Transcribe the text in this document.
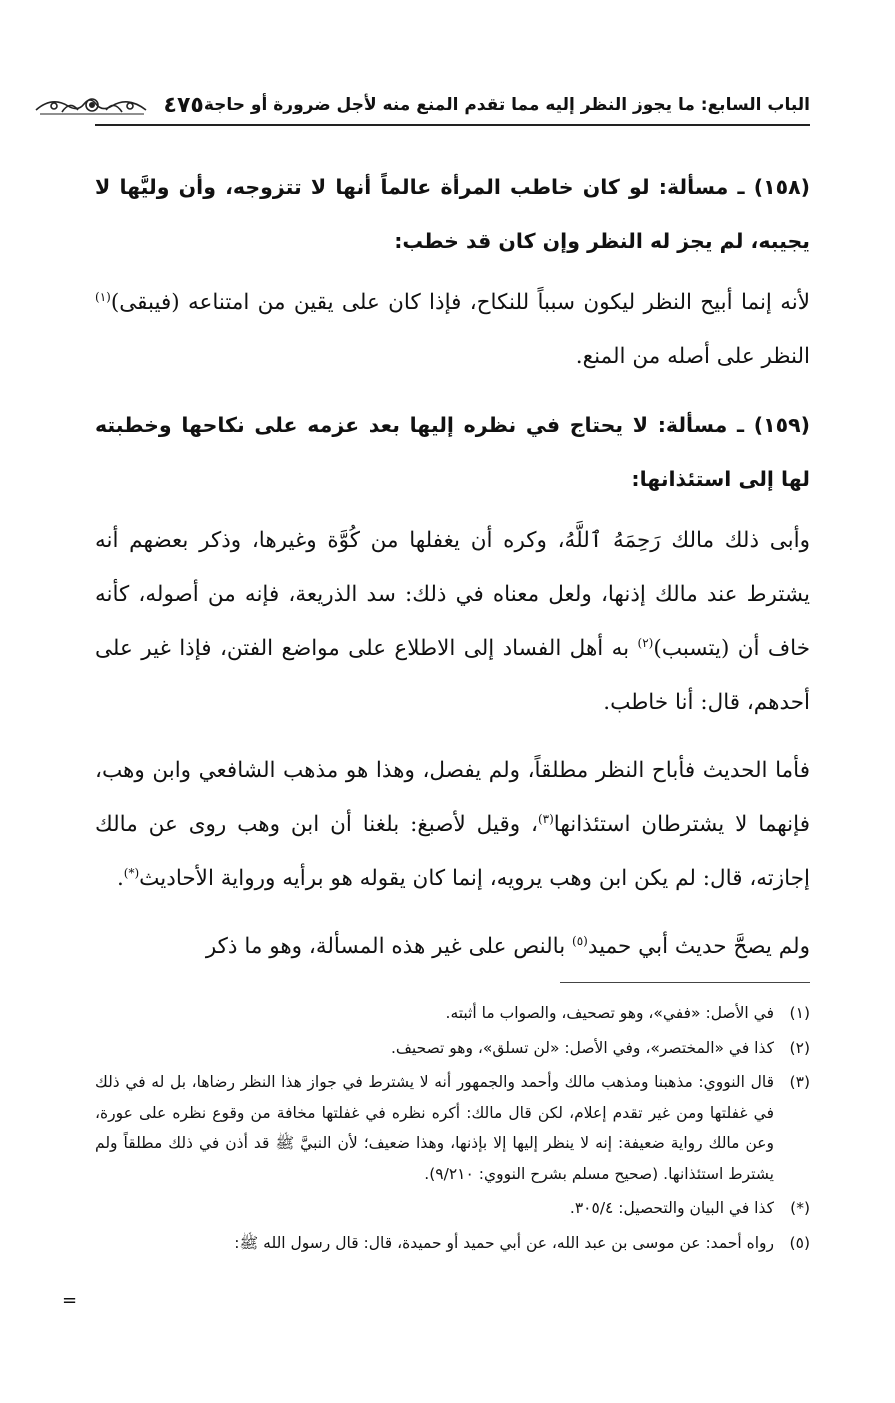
الباب السابع: ما يجوز النظر إليه مما تقدم المنع منه لأجل ضرورة أو حاجة
٤٧٥

(١٥٨) ـ مسألة: لو كان خاطب المرأة عالماً أنها لا تتزوجه، وأن وليَّها لا يجيبه، لم يجز له النظر وإن كان قد خطب:

لأنه إنما أبيح النظر ليكون سبباً للنكاح، فإذا كان على يقين من امتناعه (فيبقى)$^{(١)}$ النظر على أصله من المنع.

(١٥٩) ـ مسألة: لا يحتاج في نظره إليها بعد عزمه على نكاحها وخطبته لها إلى استئذانها:

وأبى ذلك مالك رَحِمَهُ ٱللَّهُ، وكره أن يغفلها من كُوَّة وغيرها، وذكر بعضهم أنه يشترط عند مالك إذنها، ولعل معناه في ذلك: سد الذريعة، فإنه من أصوله، كأنه خاف أن (يتسبب)$^{(٢)}$ به أهل الفساد إلى الاطلاع على مواضع الفتن، فإذا غير على أحدهم، قال: أنا خاطب.

فأما الحديث فأباح النظر مطلقاً، ولم يفصل، وهذا هو مذهب الشافعي وابن وهب، فإنهما لا يشترطان استئذانها$^{(٣)}$، وقيل لأصبغ: بلغنا أن ابن وهب روى عن مالك إجازته، قال: لم يكن ابن وهب يرويه، إنما كان يقوله هو برأيه ورواية الأحاديث(*).

ولم يصحَّ حديث أبي حميد$^{(٥)}$ بالنص على غير هذه المسألة، وهو ما ذكر

(١)
في الأصل: «ففي»، وهو تصحيف، والصواب ما أثبته.
(٢)
كذا في «المختصر»، وفي الأصل: «لن تسلق»، وهو تصحيف.
(٣)
قال النووي: مذهبنا ومذهب مالك وأحمد والجمهور أنه لا يشترط في جواز هذا النظر رضاها، بل له في ذلك في غفلتها ومن غير تقدم إعلام، لكن قال مالك: أكره نظره في غفلتها مخافة من وقوع نظره على عورة، وعن مالك رواية ضعيفة: إنه لا ينظر إليها إلا بإذنها، وهذا ضعيف؛ لأن النبيَّ ﷺ قد أذن في ذلك مطلقاً ولم يشترط استئذانها. (صحيح مسلم بشرح النووي: ٩/٢١٠).
(*)
كذا في البيان والتحصيل: ٣٠٥/٤.
(٥)
رواه أحمد: عن موسى بن عبد الله، عن أبي حميد أو حميدة، قال: قال رسول الله ﷺ:
=
